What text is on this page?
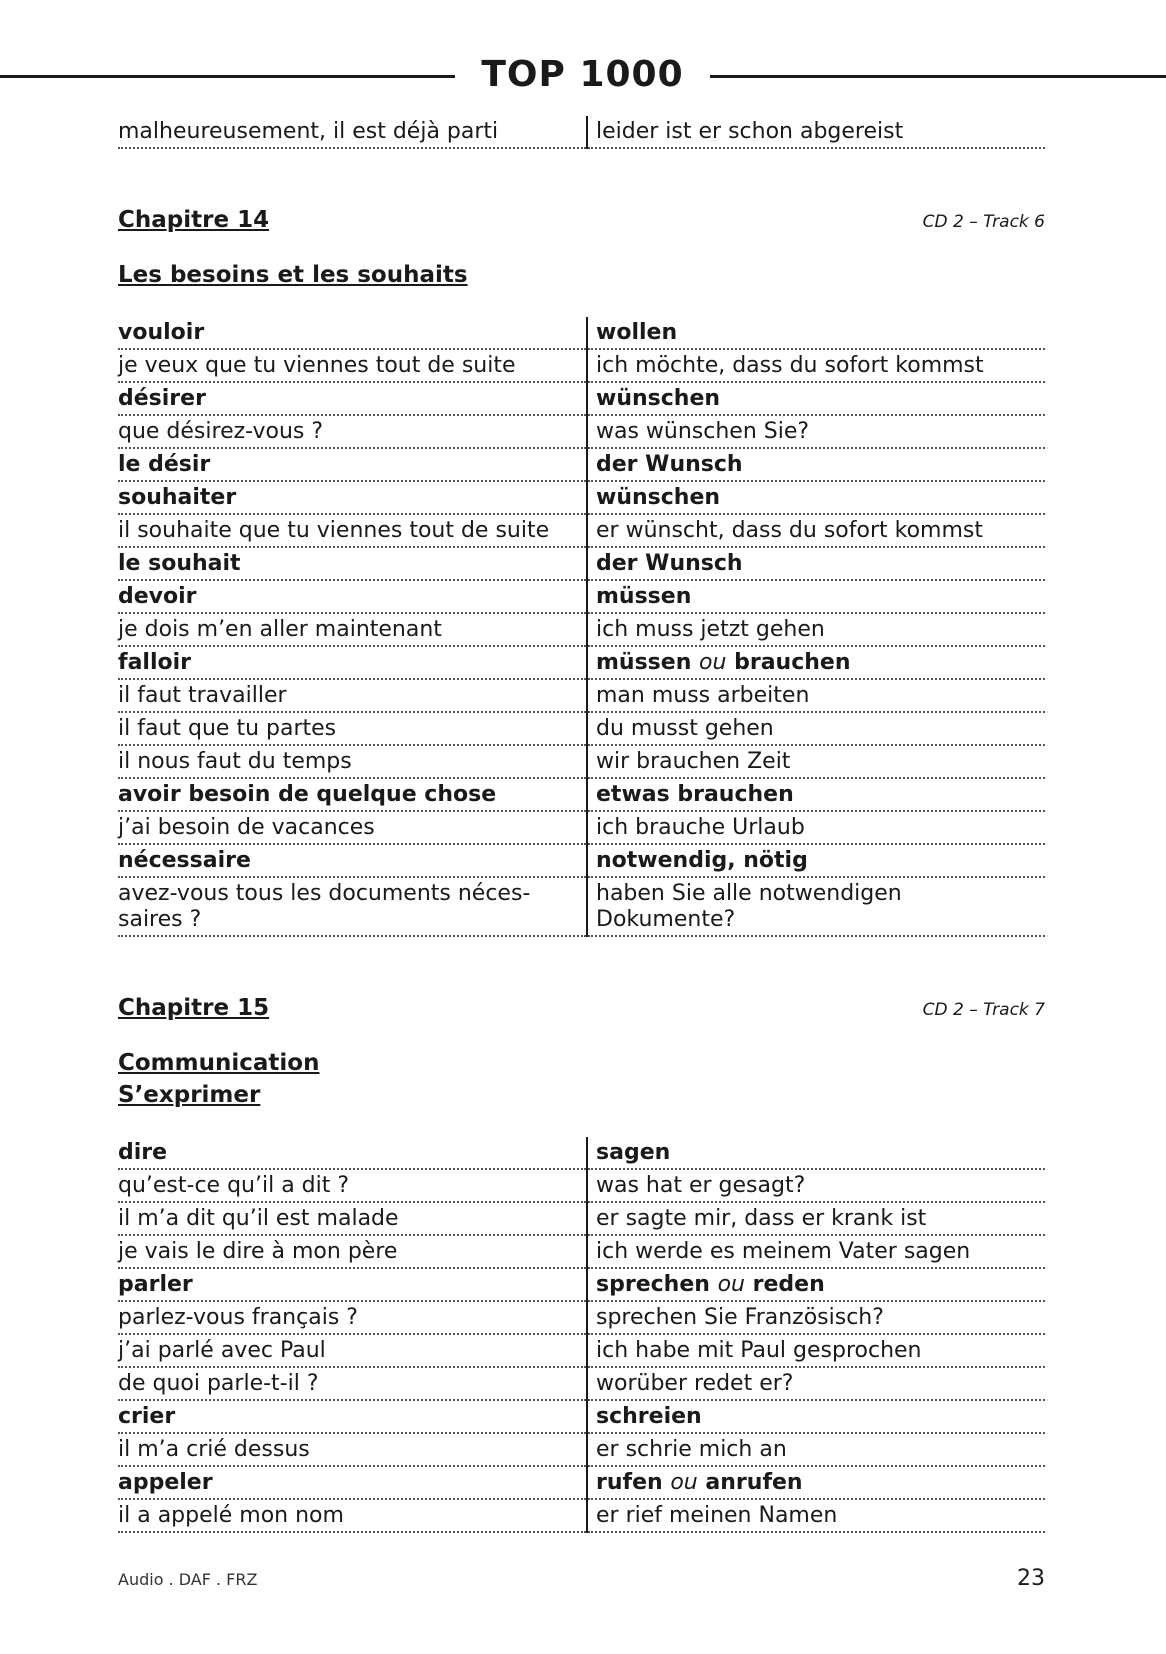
TOP 1000
malheureusement, il est déjà parti	leider ist er schon abgereist
Chapitre 14	CD 2 – Track 6
Les besoins et les souhaits
vouloir	wollen
je veux que tu viennes tout de suite	ich möchte, dass du sofort kommst
désirer	wünschen
que désirez-vous ?	was wünschen Sie?
le désir	der Wunsch
souhaiter	wünschen
il souhaite que tu viennes tout de suite	er wünscht, dass du sofort kommst
le souhait	der Wunsch
devoir	müssen
je dois m’en aller maintenant	ich muss jetzt gehen
falloir	müssen ou brauchen
il faut travailler	man muss arbeiten
il faut que tu partes	du musst gehen
il nous faut du temps	wir brauchen Zeit
avoir besoin de quelque chose	etwas brauchen
j’ai besoin de vacances	ich brauche Urlaub
nécessaire	notwendig, nötig
avez-vous tous les documents néces-saires ?	haben Sie alle notwendigen Dokumente?
Chapitre 15	CD 2 – Track 7
Communication
S’exprimer
dire	sagen
qu’est-ce qu’il a dit ?	was hat er gesagt?
il m’a dit qu’il est malade	er sagte mir, dass er krank ist
je vais le dire à mon père	ich werde es meinem Vater sagen
parler	sprechen ou reden
parlez-vous français ?	sprechen Sie Französisch?
j’ai parlé avec Paul	ich habe mit Paul gesprochen
de quoi parle-t-il ?	worüber redet er?
crier	schreien
il m’a crié dessus	er schrie mich an
appeler	rufen ou anrufen
il a appelé mon nom	er rief meinen Namen
Audio . DAF . FRZ	23
